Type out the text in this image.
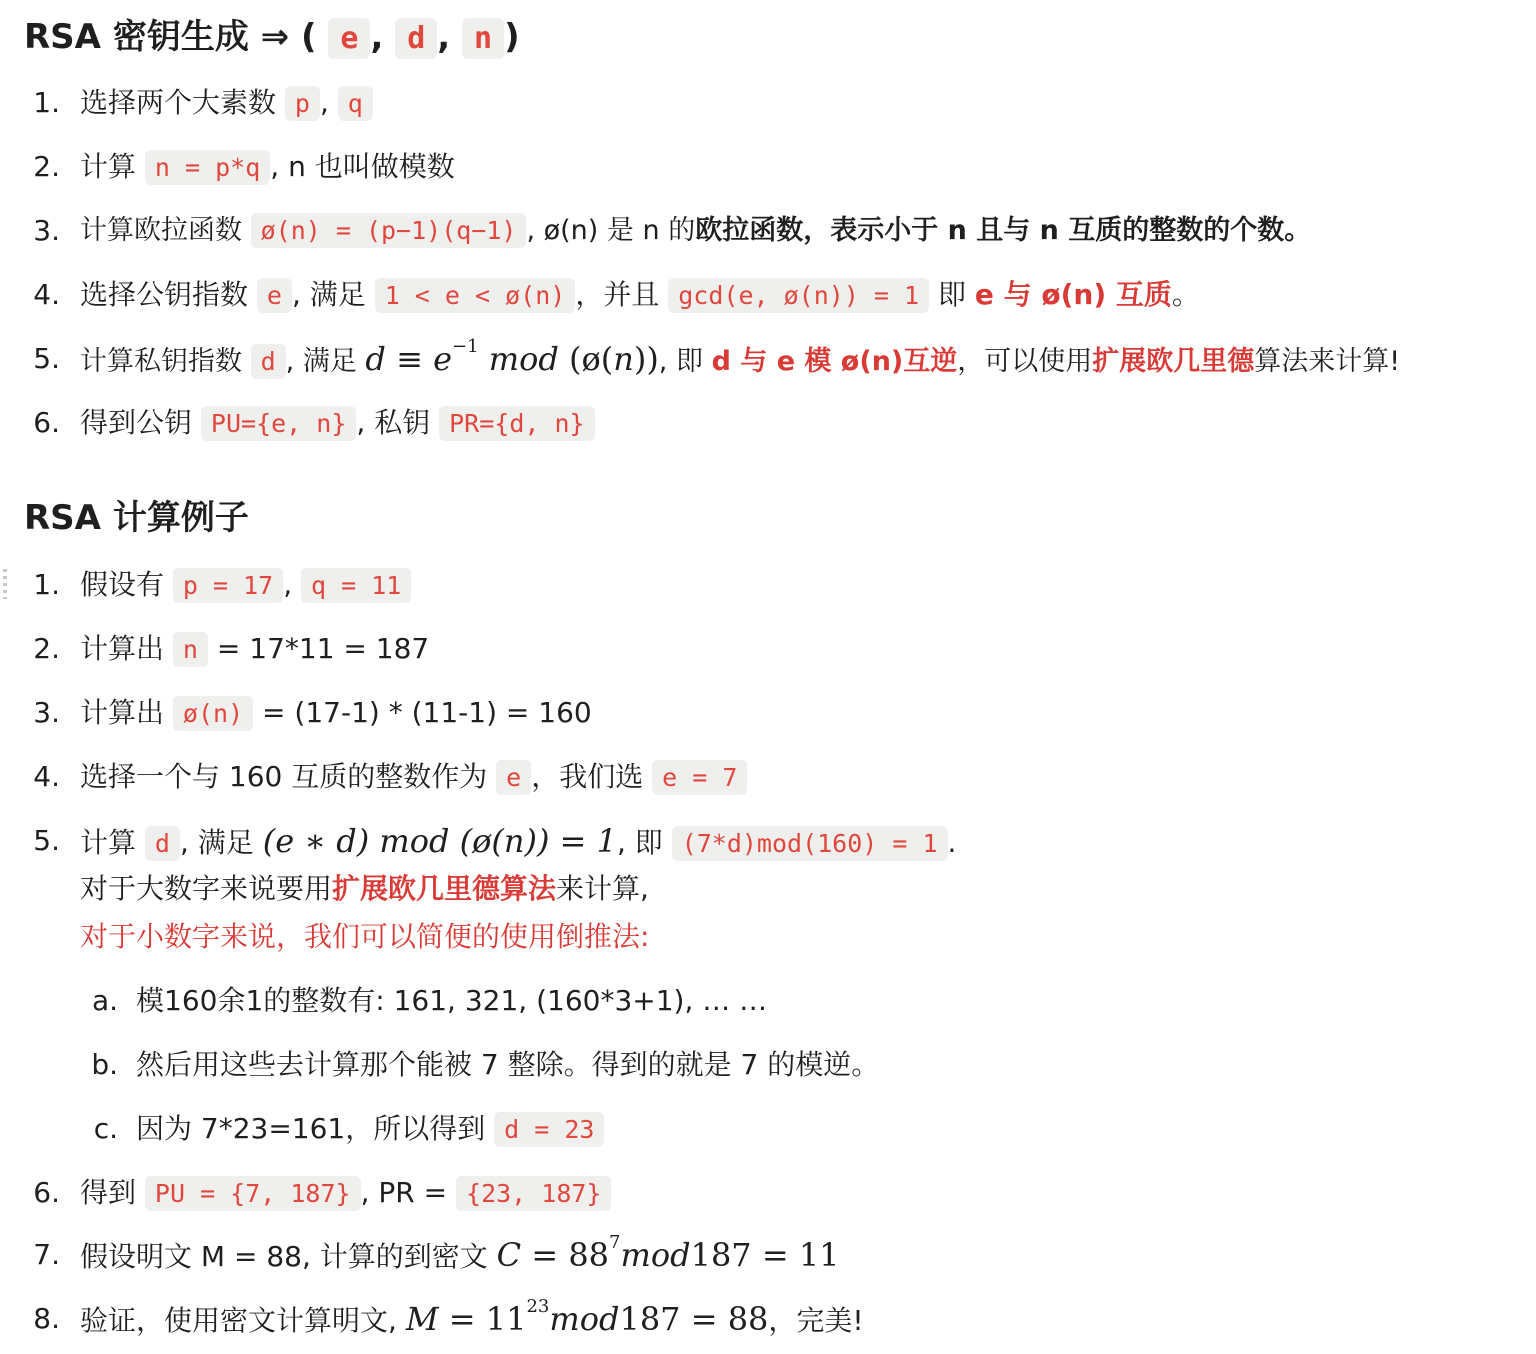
RSA 密钥生成 ⇒ ( e , d , n )
1. 选择两个大素数 p , q
2. 计算 n = p*q , n 也叫做模数
3. 计算欧拉函数 ø(n) = (p−1)(q−1) , ø(n) 是 n 的欧拉函数，表示小于 n 且与 n 互质的整数的个数。
4. 选择公钥指数 e , 满足 1 < e < ø(n) ，并且 gcd(e, ø(n)) = 1 即 e 与 ø(n) 互质。
5. 计算私钥指数 d , 满足 $d \equiv e^{-1}$ mod (ø(n)), 即 d 与 e 模 ø(n)互逆，可以使用扩展欧几里德算法来计算!
6. 得到公钥 PU={e, n} , 私钥 PR={d, n}
RSA 计算例子
1. 假设有 p = 17 , q = 11
2. 计算出 n = 17*11 = 187
3. 计算出 ø(n) = (17-1) * (11-1) = 160
4. 选择一个与 160 互质的整数作为 e ，我们选 e = 7
5. 计算 d , 满足 (e ∗ d) mod (ø(n)) = 1, 即 (7*d)mod(160) = 1 .
对于大数字来说要用扩展欧几里德算法来计算,
对于小数字来说，我们可以简便的使用倒推法:
a. 模160余1的整数有: 161, 321, (160*3+1), … …
b. 然后用这些去计算那个能被 7 整除。得到的就是 7 的模逆。
c. 因为 7*23=161，所以得到 d = 23
6. 得到 PU = {7, 187} , PR = {23, 187}
7. 假设明文 M = 88, 计算的到密文 $C = 88^7mod187 = 11$
8. 验证，使用密文计算明文, $M = 11^{23}mod187 = 88$，完美!
